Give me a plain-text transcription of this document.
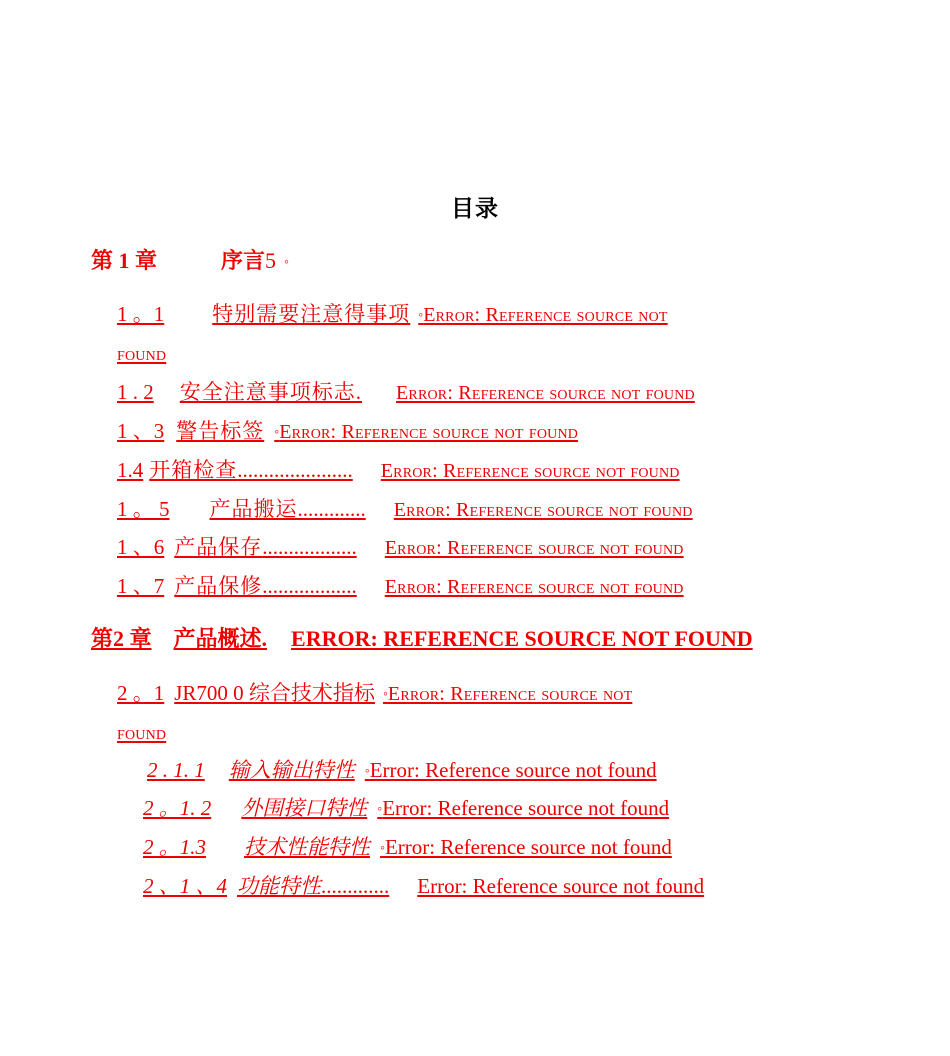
目录
第 1 章	序言5 ◦
1 。1 特别需要注意得事项 ◦Error: Reference source not
found
1 . 2 安全注意事项标志. Error: Reference source not found
1 、3 警告标签 ◦Error: Reference source not found
1.4 开箱检查...................... Error: Reference source not found
1 。 5 产品搬运............. Error: Reference source not found
1 、6 产品保存.................. Error: Reference source not found
1 、7 产品保修.................. Error: Reference source not found
第2 章 产品概述. ERROR: REFERENCE SOURCE NOT FOUND
2 。1 JR700 0 综合技术指标 ◦Error: Reference source not
found
2 . 1. 1 输入输出特性 ◦Error: Reference source not found
2 。1. 2 外围接口特性 ◦Error: Reference source not found
2 。1.3 技术性能特性 ◦Error: Reference source not found
2 、1 、4 功能特性............. Error: Reference source not found
